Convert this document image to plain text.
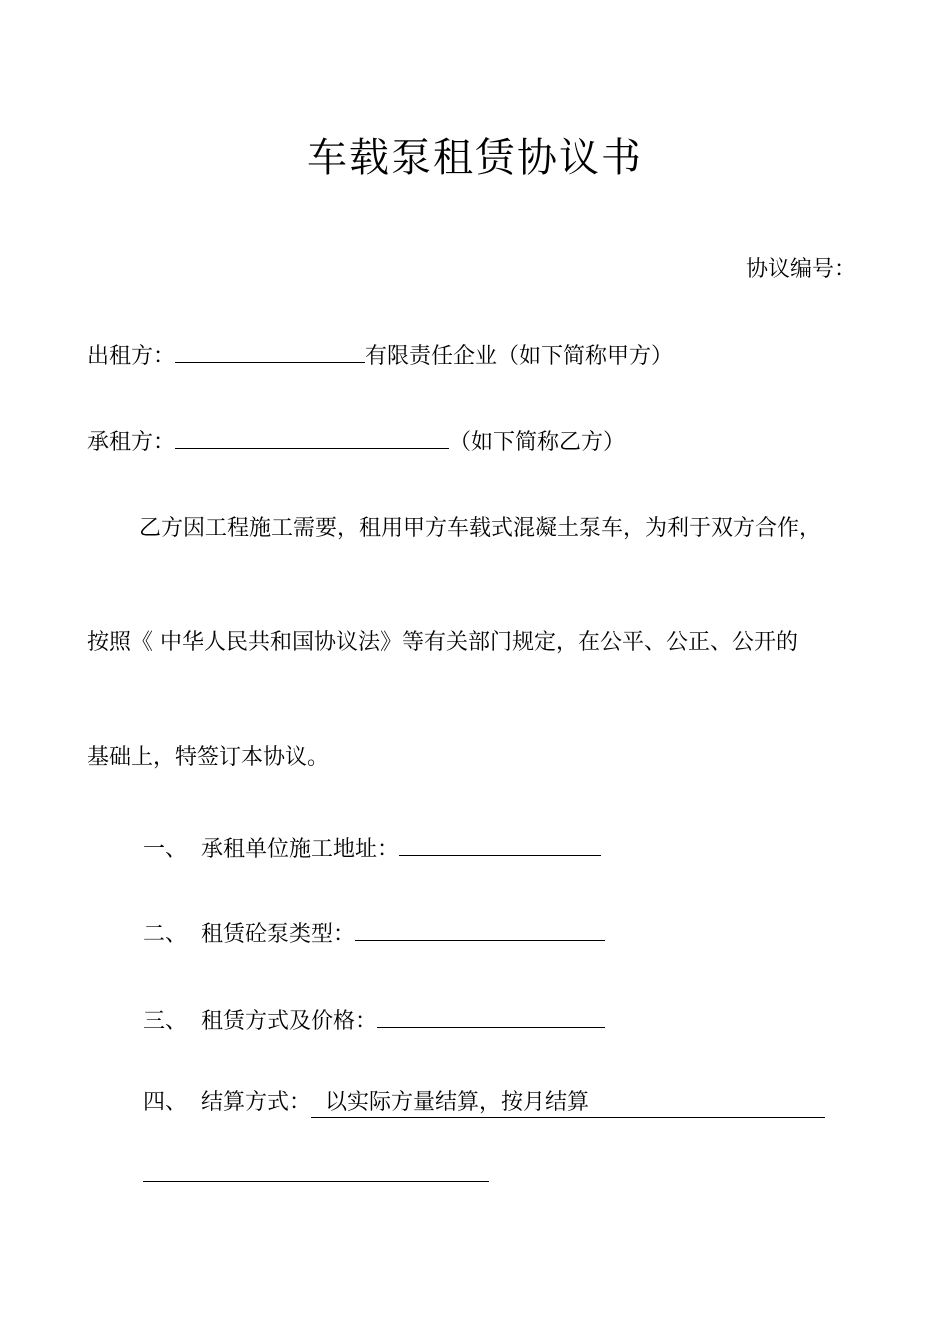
车载泵租赁协议书
协议编号：
出租方：	有限责任企业（如下简称甲方）
承租方：	（如下简称乙方）
乙方因工程施工需要，租用甲方车载式混凝土泵车，为利于双方合作，
按照《 中华人民共和国协议法》等有关部门规定，在公平、公正、公开的
基础上，特签订本协议。
一、 承租单位施工地址：
二、 租赁砼泵类型：
三、 租赁方式及价格：
四、 结算方式： 以实际方量结算，按月结算
